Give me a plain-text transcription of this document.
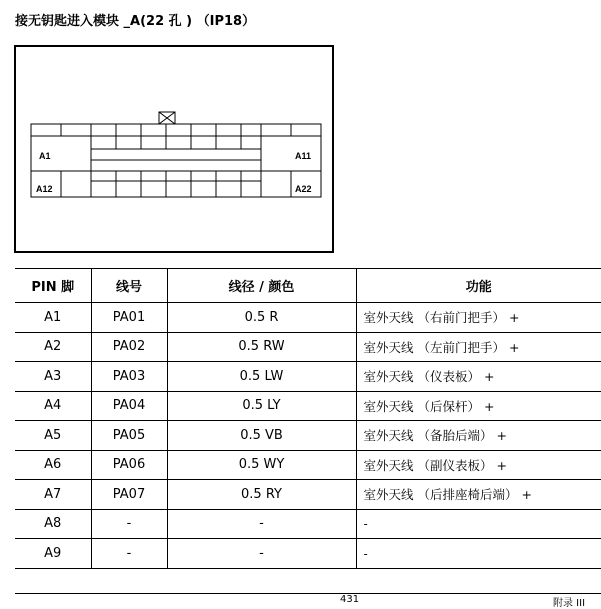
接无钥匙进入模块 _A(22 孔 ) （IP18）
A1	A11
A12	A22
PIN 脚	线号	线径 / 颜色	功能
A1	PA01	0.5 R	室外天线 （右前门把手） +
A2	PA02	0.5 RW	室外天线 （左前门把手） +
A3	PA03	0.5 LW	室外天线 （仪表板） +
A4	PA04	0.5 LY	室外天线 （后保杆） +
A5	PA05	0.5 VB	室外天线 （备胎后端） +
A6	PA06	0.5 WY	室外天线 （副仪表板） +
A7	PA07	0.5 RY	室外天线 （后排座椅后端） +
A8	-	-	-
A9	-	-	-
431	附录 III
